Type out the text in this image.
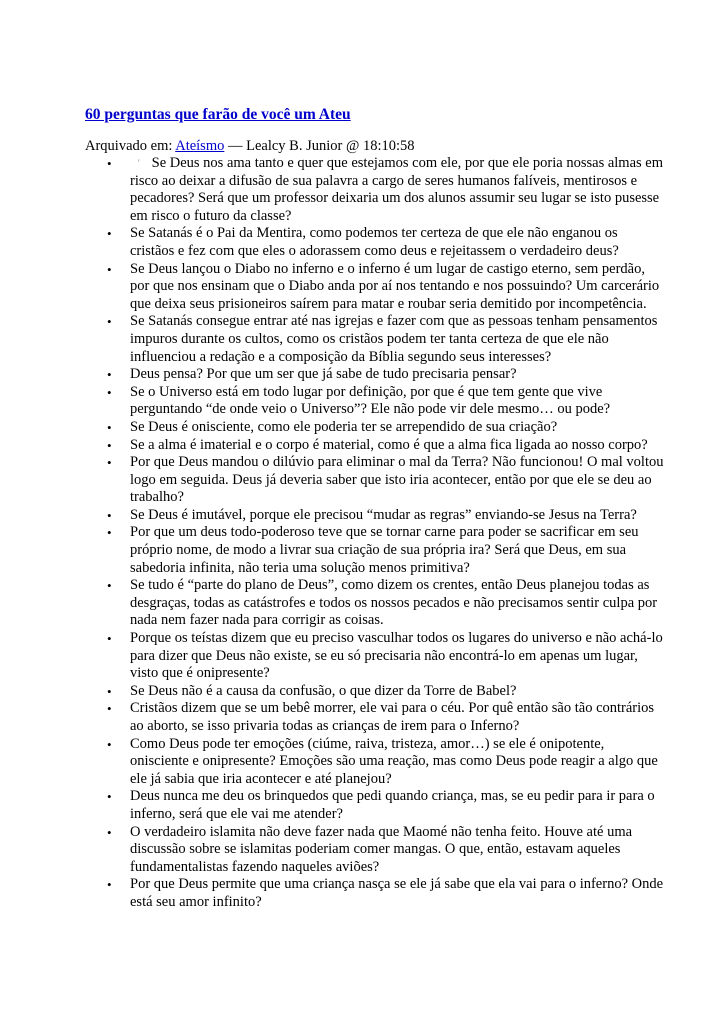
60 perguntas que farão de você um Ateu

Arquivado em: Ateísmo — Lealcy B. Junior @ 18:10:58

•	' Se Deus nos ama tanto e quer que estejamos com ele, por que ele poria nossas almas em risco ao deixar a difusão de sua palavra a cargo de seres humanos falíveis, mentirosos e pecadores? Será que um professor deixaria um dos alunos assumir seu lugar se isto pusesse em risco o futuro da classe?
• Se Satanás é o Pai da Mentira, como podemos ter certeza de que ele não enganou os cristãos e fez com que eles o adorassem como deus e rejeitassem o verdadeiro deus?
• Se Deus lançou o Diabo no inferno e o inferno é um lugar de castigo eterno, sem perdão, por que nos ensinam que o Diabo anda por aí nos tentando e nos possuindo? Um carcerário que deixa seus prisioneiros saírem para matar e roubar seria demitido por incompetência.
• Se Satanás consegue entrar até nas igrejas e fazer com que as pessoas tenham pensamentos impuros durante os cultos, como os cristãos podem ter tanta certeza de que ele não influenciou a redação e a composição da Bíblia segundo seus interesses?
• Deus pensa? Por que um ser que já sabe de tudo precisaria pensar?
• Se o Universo está em todo lugar por definição, por que é que tem gente que vive perguntando “de onde veio o Universo”? Ele não pode vir dele mesmo… ou pode?
• Se Deus é onisciente, como ele poderia ter se arrependido de sua criação?
• Se a alma é imaterial e o corpo é material, como é que a alma fica ligada ao nosso corpo?
• Por que Deus mandou o dilúvio para eliminar o mal da Terra? Não funcionou! O mal voltou logo em seguida. Deus já deveria saber que isto iria acontecer, então por que ele se deu ao trabalho?
• Se Deus é imutável, porque ele precisou “mudar as regras” enviando-se Jesus na Terra?
• Por que um deus todo-poderoso teve que se tornar carne para poder se sacrificar em seu próprio nome, de modo a livrar sua criação de sua própria ira? Será que Deus, em sua sabedoria infinita, não teria uma solução menos primitiva?
• Se tudo é “parte do plano de Deus”, como dizem os crentes, então Deus planejou todas as desgraças, todas as catástrofes e todos os nossos pecados e não precisamos sentir culpa por nada nem fazer nada para corrigir as coisas.
• Porque os teístas dizem que eu preciso vasculhar todos os lugares do universo e não achá-lo para dizer que Deus não existe, se eu só precisaria não encontrá-lo em apenas um lugar, visto que é onipresente?
• Se Deus não é a causa da confusão, o que dizer da Torre de Babel?
• Cristãos dizem que se um bebê morrer, ele vai para o céu. Por quê então são tão contrários ao aborto, se isso privaria todas as crianças de irem para o Inferno?
• Como Deus pode ter emoções (ciúme, raiva, tristeza, amor…) se ele é onipotente, onisciente e onipresente? Emoções são uma reação, mas como Deus pode reagir a algo que ele já sabia que iria acontecer e até planejou?
• Deus nunca me deu os brinquedos que pedi quando criança, mas, se eu pedir para ir para o inferno, será que ele vai me atender?
• O verdadeiro islamita não deve fazer nada que Maomé não tenha feito. Houve até uma discussão sobre se islamitas poderiam comer mangas. O que, então, estavam aqueles fundamentalistas fazendo naqueles aviões?
• Por que Deus permite que uma criança nasça se ele já sabe que ela vai para o inferno? Onde está seu amor infinito?
